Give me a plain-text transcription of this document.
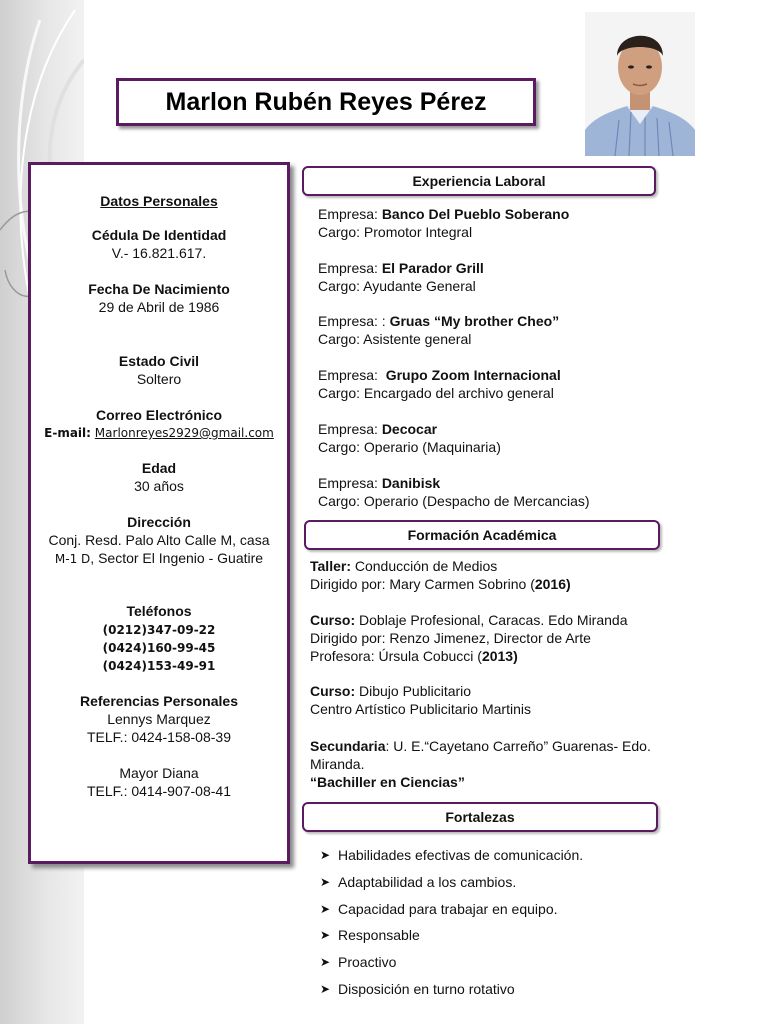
Marlon Rubén Reyes Pérez
Datos Personales
Cédula De Identidad
V.- 16.821.617.
Fecha De Nacimiento
29 de Abril de 1986
Estado Civil
Soltero
Correo Electrónico
E-mail: Marlonreyes2929@gmail.com
Edad
30 años
Dirección
Conj. Resd. Palo Alto Calle M, casa
M-1 D, Sector El Ingenio - Guatire
Teléfonos
(0212)347-09-22
(0424)160-99-45
(0424)153-49-91
Referencias Personales
Lennys Marquez
TELF.: 0424-158-08-39
Mayor Diana
TELF.: 0414-907-08-41
Experiencia Laboral
Empresa: Banco Del Pueblo Soberano
Cargo: Promotor Integral
Empresa: El Parador Grill
Cargo: Ayudante General
Empresa: : Gruas “My brother Cheo”
Cargo: Asistente general
Empresa: Grupo Zoom Internacional
Cargo: Encargado del archivo general
Empresa: Decocar
Cargo: Operario (Maquinaria)
Empresa: Danibisk
Cargo: Operario (Despacho de Mercancias)
Formación Académica
Taller: Conducción de Medios
Dirigido por: Mary Carmen Sobrino (2016)
Curso: Doblaje Profesional, Caracas. Edo Miranda
Dirigido por: Renzo Jimenez, Director de Arte
Profesora: Úrsula Cobucci (2013)
Curso: Dibujo Publicitario
Centro Artístico Publicitario Martinis
Secundaria: U. E.“Cayetano Carreño” Guarenas- Edo.
Miranda.
“Bachiller en Ciencias”
Fortalezas
➤ Habilidades efectivas de comunicación.
➤ Adaptabilidad a los cambios.
➤ Capacidad para trabajar en equipo.
➤ Responsable
➤ Proactivo
➤ Disposición en turno rotativo
